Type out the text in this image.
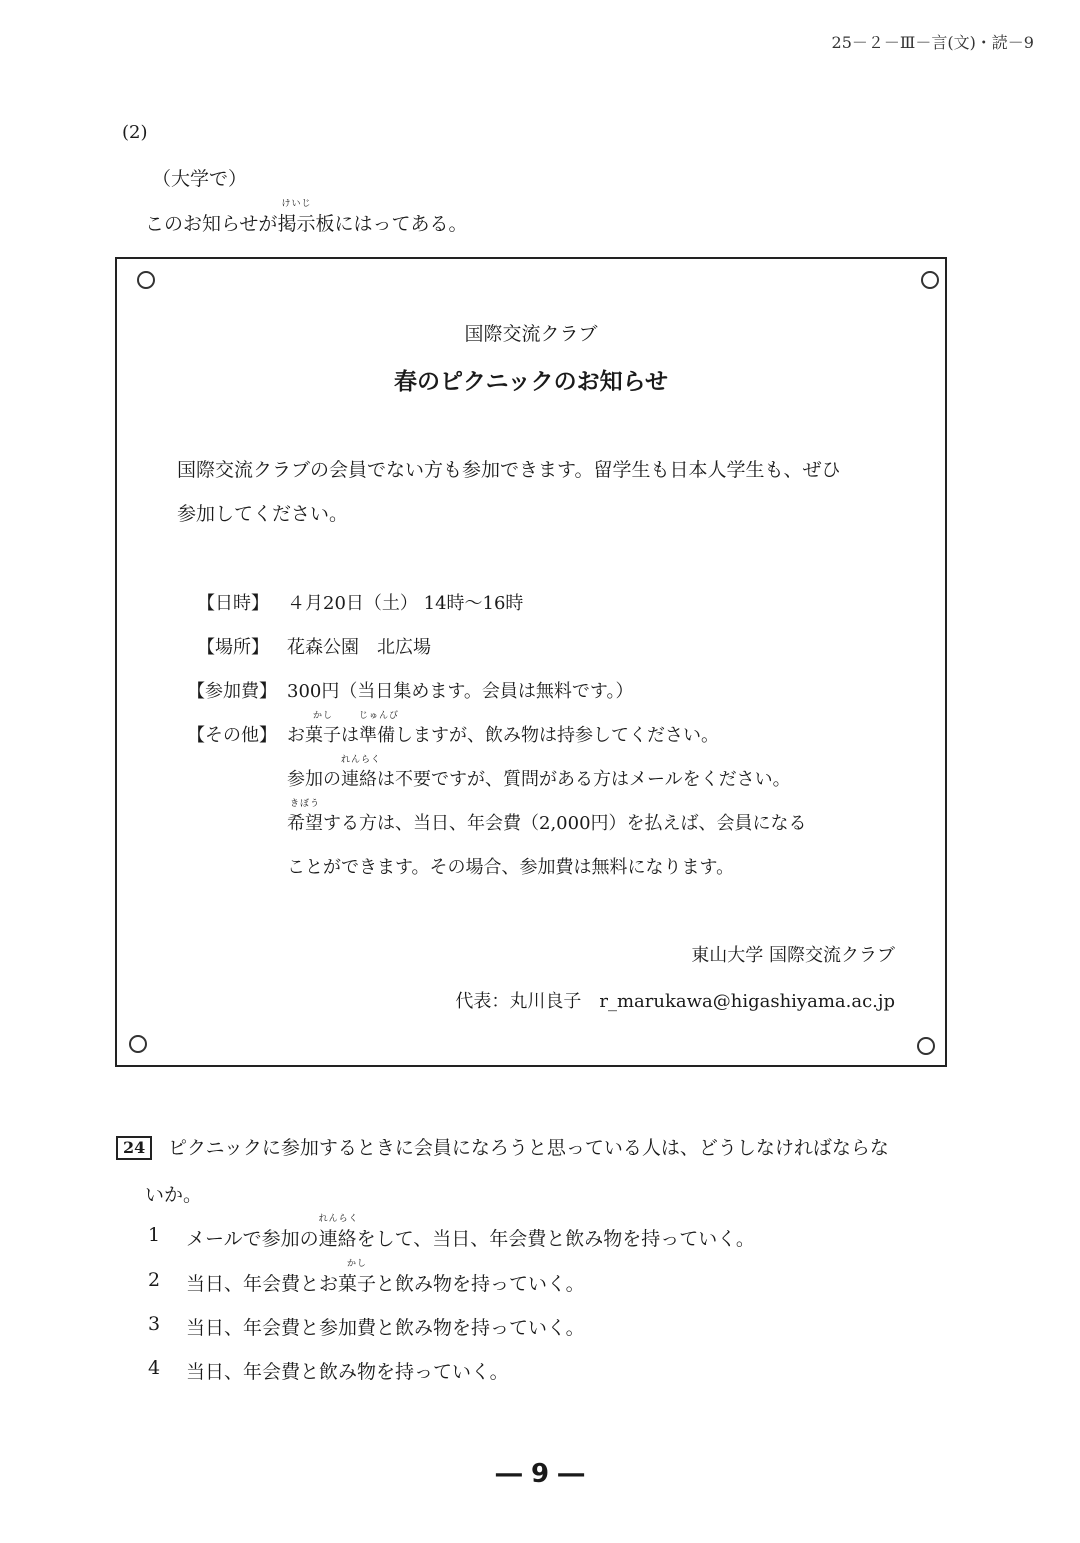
25－２－Ⅲ－言(文)・読－9
(2)
（大学で）
このお知らせが
けいじ
掲示板にはってある。
国際交流クラブ
春のピクニックのお知らせ
国際交流クラブの会員でない方も参加できます。留学生も日本人学生も、ぜひ
参加してください。
【日時】 ４月20日（土） 14時～16時
【場所】 花森公園　北広場
【参加費】 300円（当日集めます。会員は無料です。）
【その他】 お
かし
菓子は
じゅんび
準備しますが、飲み物は持参してください。
参加の
れんらく
連絡は不要ですが、質問がある方はメールをください。
きぼう
希望する方は、当日、年会費（2,000円）を払えば、会員になる
ことができます。その場合、参加費は無料になります。
東山大学 国際交流クラブ
代表：丸川良子　r_marukawa@higashiyama.ac.jp
24	ピクニックに参加するときに会員になろうと思っている人は、どうしなければならな
いか。
1 メールで参加の
れんらく
連絡をして、当日、年会費と飲み物を持っていく。
2 当日、年会費とお
かし
菓子と飲み物を持っていく。
3 当日、年会費と参加費と飲み物を持っていく。
4 当日、年会費と飲み物を持っていく。
― 9 ―
